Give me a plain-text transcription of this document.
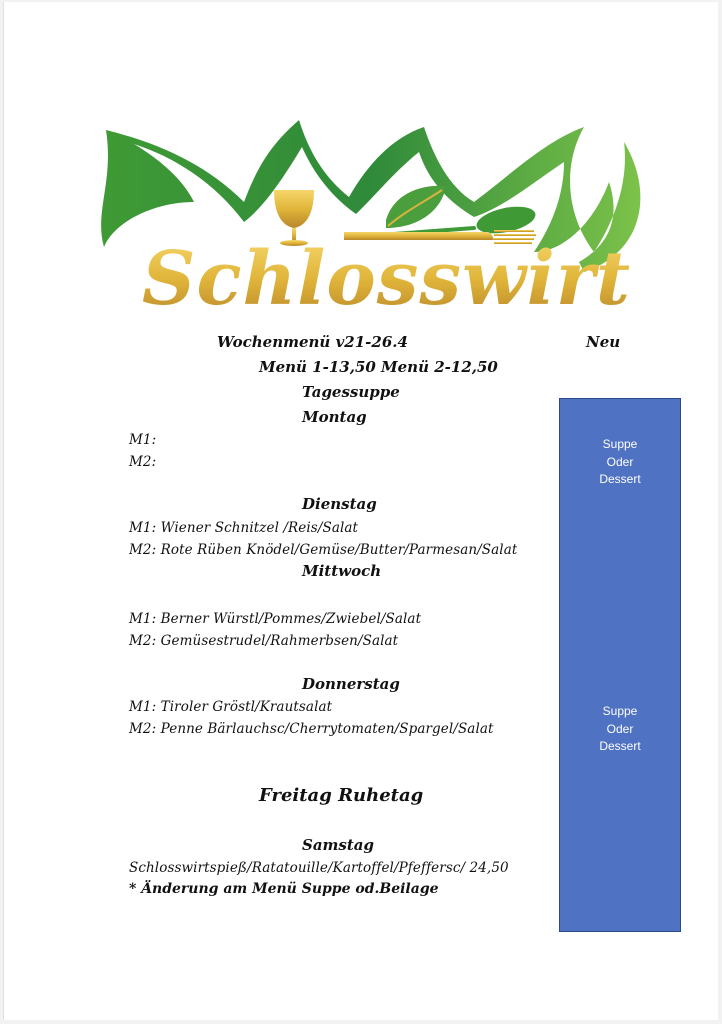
Schlosswirt
Wochenmenü v21-26.4	Neu
Menü 1-13,50 Menü 2-12,50
Tagessuppe
Montag
M1:
M2:
Dienstag
M1: Wiener Schnitzel /Reis/Salat
M2: Rote Rüben Knödel/Gemüse/Butter/Parmesan/Salat
Mittwoch
M1: Berner Würstl/Pommes/Zwiebel/Salat
M2: Gemüsestrudel/Rahmerbsen/Salat
Donnerstag
M1: Tiroler Gröstl/Krautsalat
M2: Penne Bärlauchsc/Cherrytomaten/Spargel/Salat
Freitag Ruhetag
Samstag
Schlosswirtspieß/Ratatouille/Kartoffel/Pfeffersc/ 24,50
* Änderung am Menü Suppe od.Beilage
Suppe
Oder
Dessert
Suppe
Oder
Dessert
